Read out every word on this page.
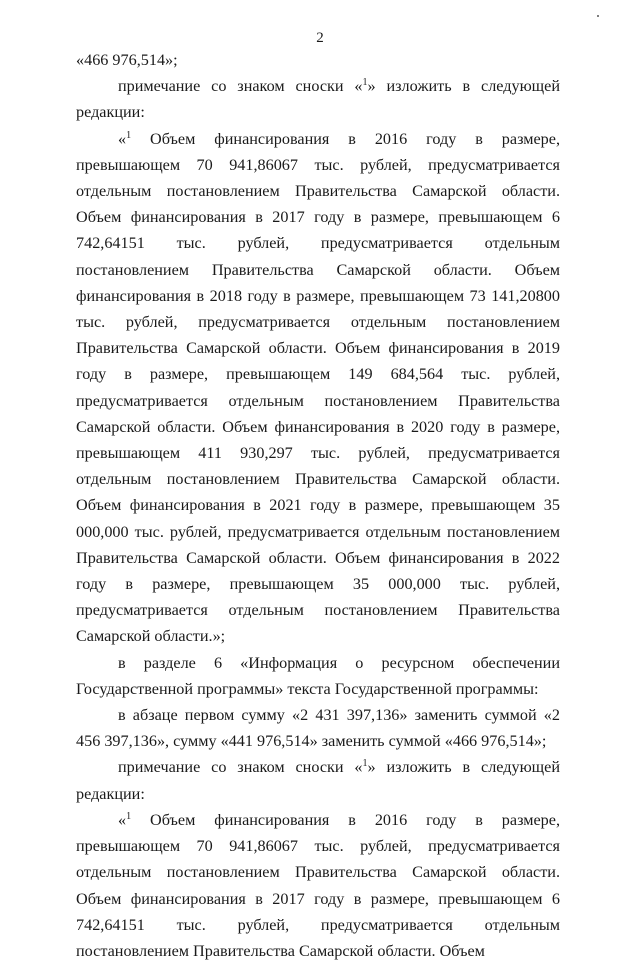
2

«466 976,514»;

примечание со знаком сноски «$^1$» изложить в следующей редакции:

«$^1$ Объем финансирования в 2016 году в размере, превышающем 70 941,86067 тыс. рублей, предусматривается отдельным постановлением Правительства Самарской области. Объем финансирования в 2017 году в размере, превышающем 6 742,64151 тыс. рублей, предусматривается отдельным постановлением Правительства Самарской области. Объем финансирования в 2018 году в размере, превышающем 73 141,20800 тыс. рублей, предусматривается отдельным постановлением Правительства Самарской области. Объем финансирования в 2019 году в размере, превышающем 149 684,564 тыс. рублей, предусматривается отдельным постановлением Правительства Самарской области. Объем финансирования в 2020 году в размере, превышающем 411 930,297 тыс. рублей, предусматривается отдельным постановлением Правительства Самарской области. Объем финансирования в 2021 году в размере, превышающем 35 000,000 тыс. рублей, предусматривается отдельным постановлением Правительства Самарской области. Объем финансирования в 2022 году в размере, превышающем 35 000,000 тыс. рублей, предусматривается отдельным постановлением Правительства Самарской области.»;

в разделе 6 «Информация о ресурсном обеспечении Государственной программы» текста Государственной программы:

в абзаце первом сумму «2 431 397,136» заменить суммой «2 456 397,136», сумму «441 976,514» заменить суммой «466 976,514»;

примечание со знаком сноски «$^1$» изложить в следующей редакции:

«$^1$ Объем финансирования в 2016 году в размере, превышающем 70 941,86067 тыс. рублей, предусматривается отдельным постановлением Правительства Самарской области. Объем финансирования в 2017 году в размере, превышающем 6 742,64151 тыс. рублей, предусматривается отдельным постановлением Правительства Самарской области. Объем
